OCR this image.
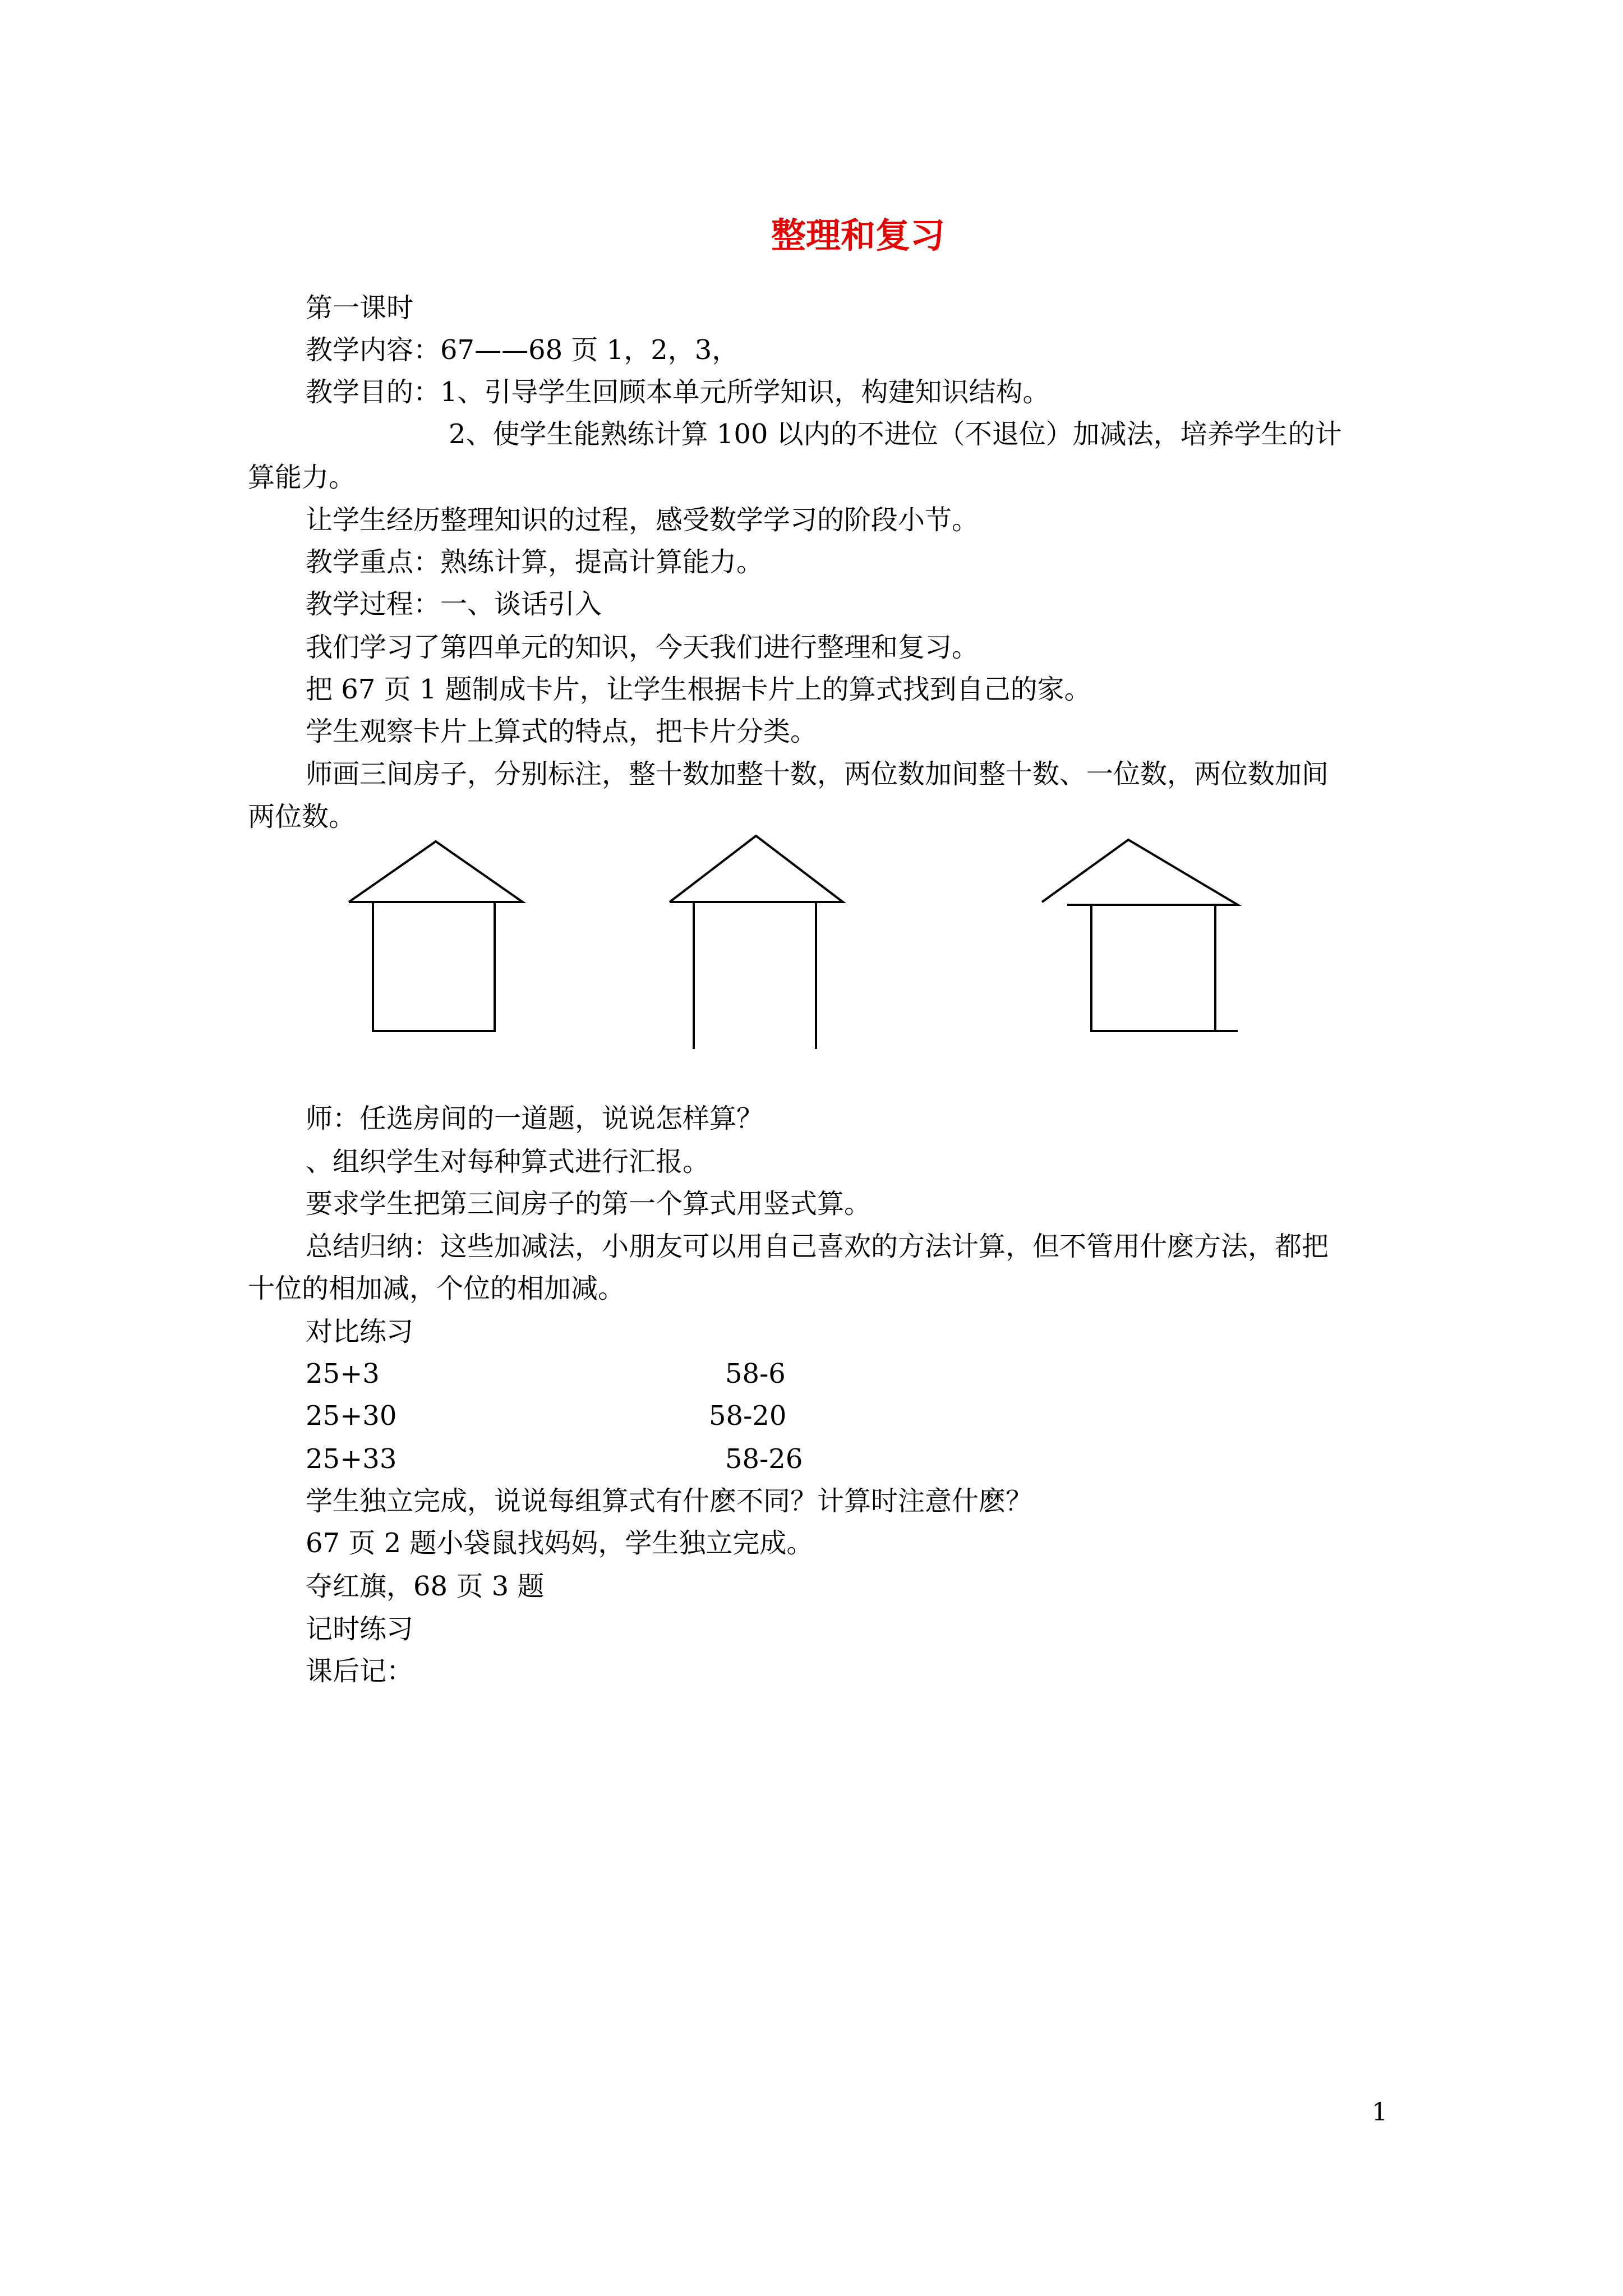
整理和复习
第一课时
教学内容：67——68 页 1，2，3，
教学目的：1、引导学生回顾本单元所学知识，构建知识结构。
2、使学生能熟练计算 100 以内的不进位（不退位）加减法，培养学生的计
算能力。
让学生经历整理知识的过程，感受数学学习的阶段小节。
教学重点：熟练计算，提高计算能力。
教学过程：一、谈话引入
我们学习了第四单元的知识，今天我们进行整理和复习。
把 67 页 1 题制成卡片，让学生根据卡片上的算式找到自己的家。
学生观察卡片上算式的特点，把卡片分类。
师画三间房子，分别标注，整十数加整十数，两位数加间整十数、一位数，两位数加间
两位数。
师：任选房间的一道题，说说怎样算？
、组织学生对每种算式进行汇报。
要求学生把第三间房子的第一个算式用竖式算。
总结归纳：这些加减法，小朋友可以用自己喜欢的方法计算，但不管用什麽方法，都把
十位的相加减，个位的相加减。
对比练习
25+3	58-6
25+30	58-20
25+33	58-26
学生独立完成，说说每组算式有什麽不同？计算时注意什麽？
67 页 2 题小袋鼠找妈妈，学生独立完成。
夺红旗，68 页 3 题
记时练习
课后记：
1
